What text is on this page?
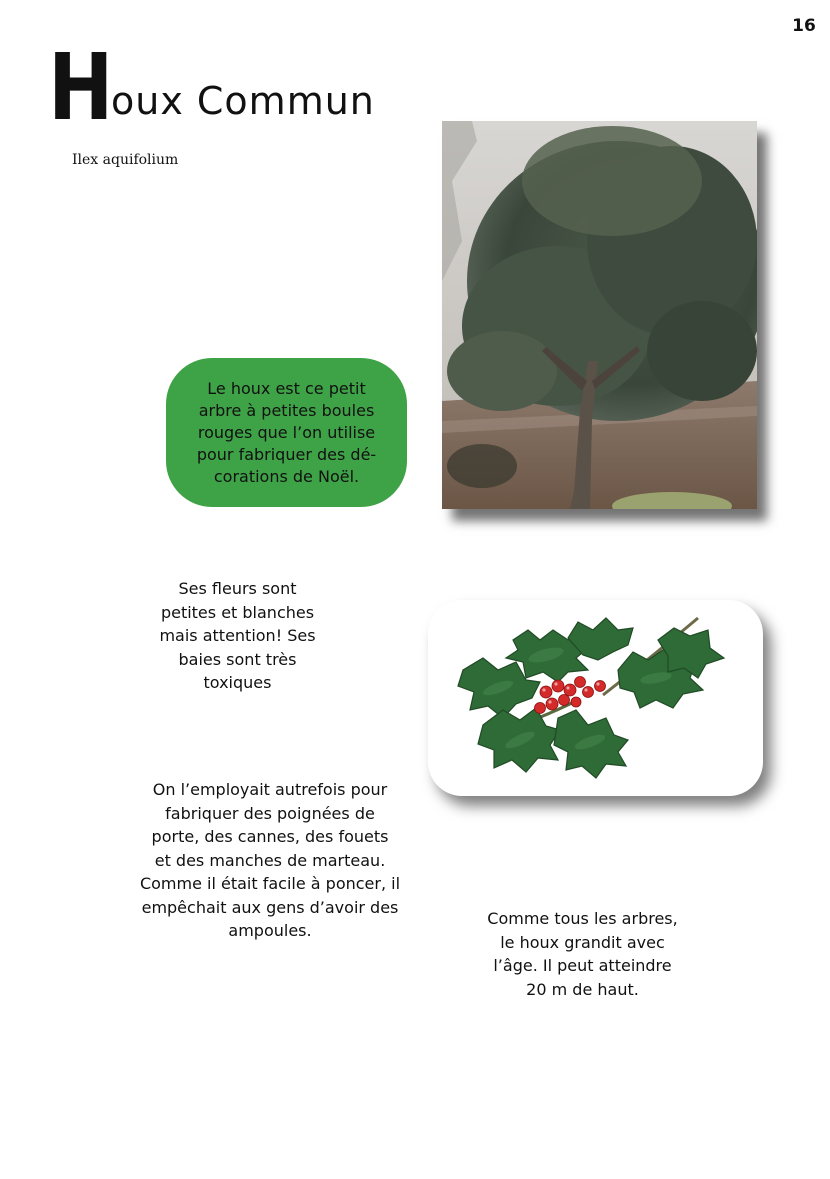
16
Houx Commun
Ilex aquifolium
Le houx est ce petit
arbre à petites boules
rouges que l’on utilise
pour fabriquer des dé-
corations de Noël.
Ses fleurs sont
petites et blanches
mais attention! Ses
baies sont très
toxiques
On l’employait autrefois pour
fabriquer des poignées de
porte, des cannes, des fouets
et des manches de marteau.
Comme il était facile à poncer, il
empêchait aux gens d’avoir des
ampoules.
Comme tous les arbres,
le houx grandit avec
l’âge. Il peut atteindre
20 m de haut.
